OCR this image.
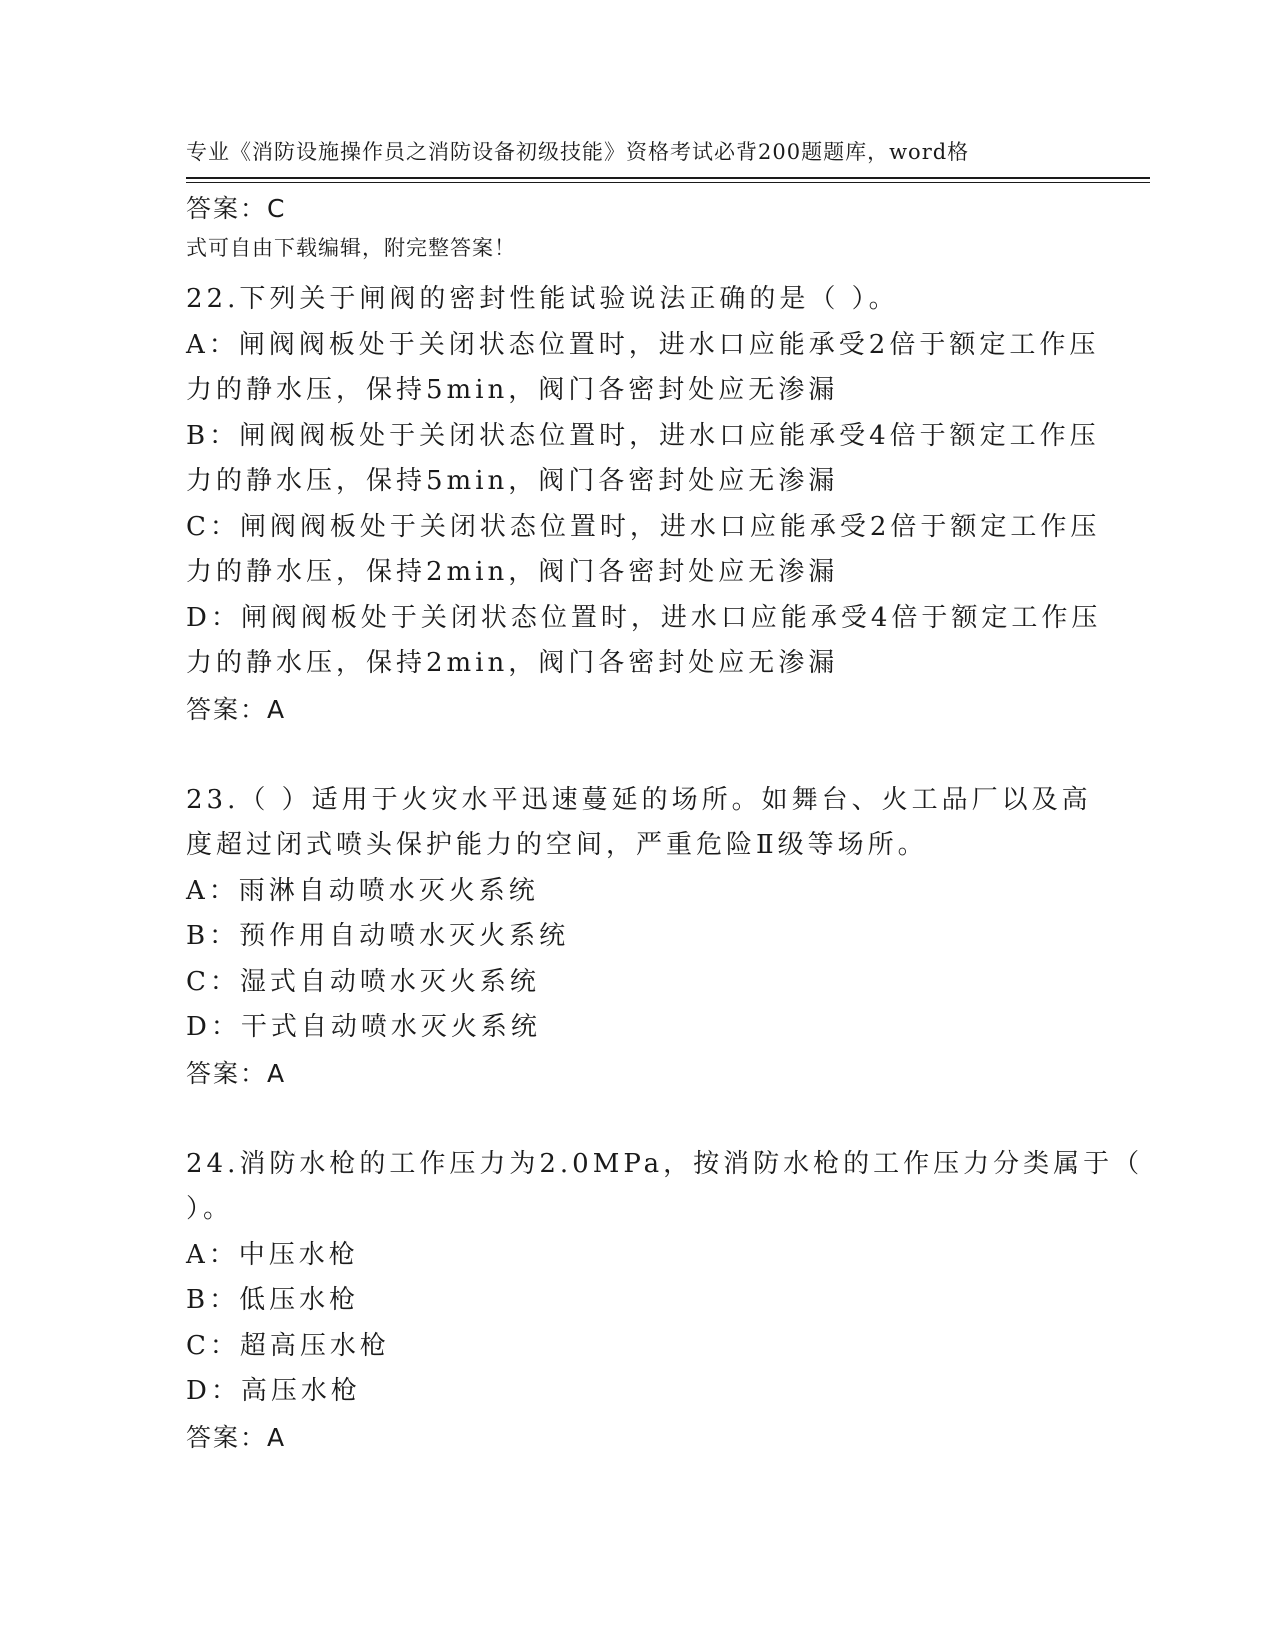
专业《消防设施操作员之消防设备初级技能》资格考试必背200题题库，word格

式可自由下载编辑，附完整答案！

答案：C
22.下列关于闸阀的密封性能试验说法正确的是（ ）。
A：闸阀阀板处于关闭状态位置时，进水口应能承受2倍于额定工作压
力的静水压，保持5min，阀门各密封处应无渗漏
B：闸阀阀板处于关闭状态位置时，进水口应能承受4倍于额定工作压
力的静水压，保持5min，阀门各密封处应无渗漏
C：闸阀阀板处于关闭状态位置时，进水口应能承受2倍于额定工作压
力的静水压，保持2min，阀门各密封处应无渗漏
D：闸阀阀板处于关闭状态位置时，进水口应能承受4倍于额定工作压
力的静水压，保持2min，阀门各密封处应无渗漏
答案：A
23.（ ）适用于火灾水平迅速蔓延的场所。如舞台、火工品厂以及高
度超过闭式喷头保护能力的空间，严重危险Ⅱ级等场所。
A：雨淋自动喷水灭火系统
B：预作用自动喷水灭火系统
C：湿式自动喷水灭火系统
D：干式自动喷水灭火系统
答案：A
24.消防水枪的工作压力为2.0MPa，按消防水枪的工作压力分类属于（
）。
A：中压水枪
B：低压水枪
C：超高压水枪
D：高压水枪
答案：A
